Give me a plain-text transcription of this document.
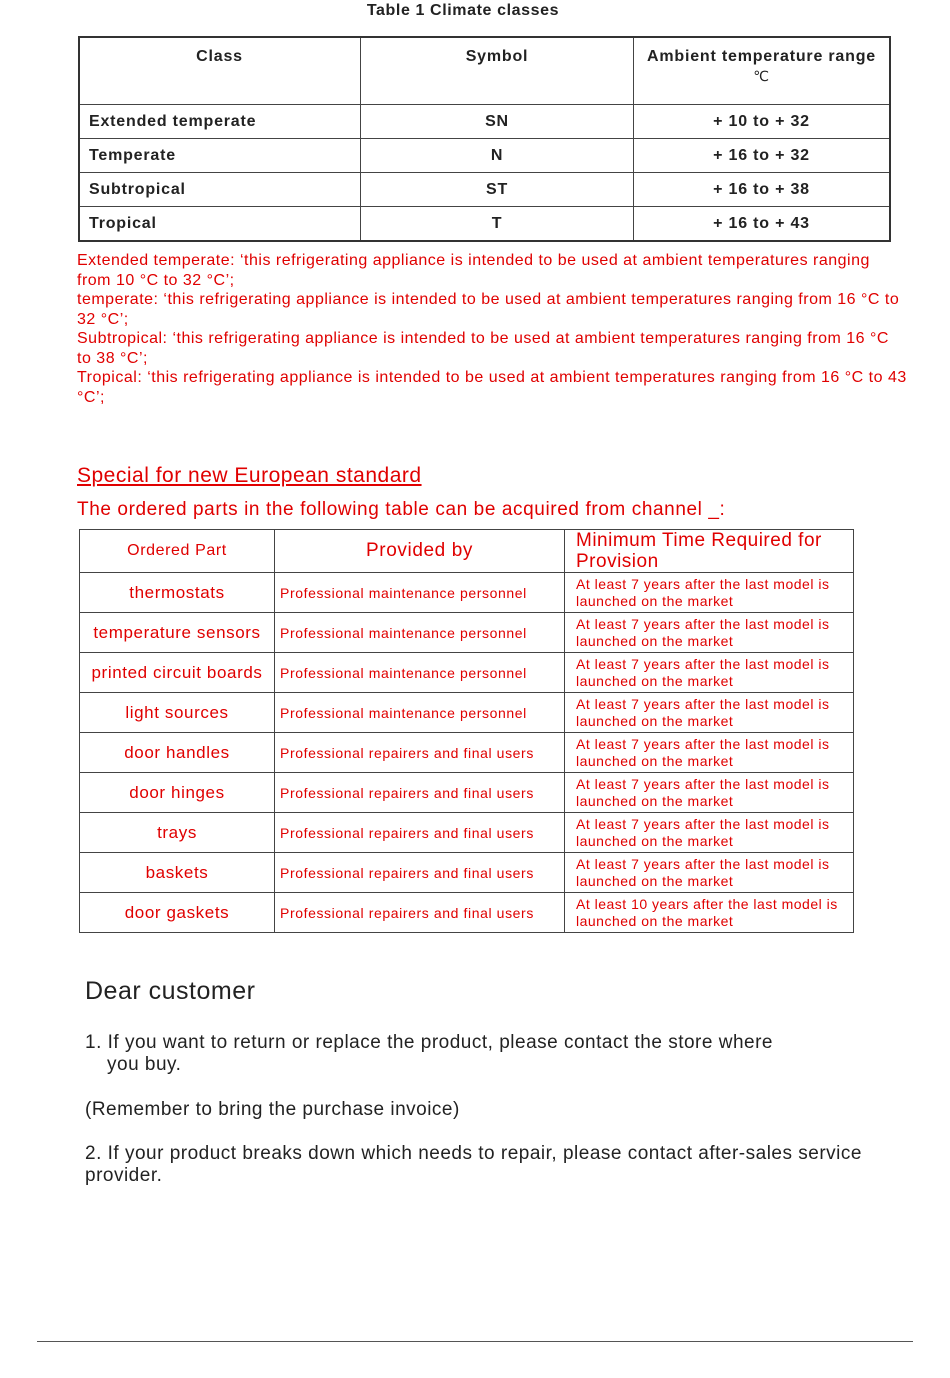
Table 1 Climate classes
Class	Symbol	Ambient temperature range
℃

Extended temperate	SN	+ 10 to + 32
Temperate	N	+ 16 to + 32
Subtropical	ST	+ 16 to + 38
Tropical	T	+ 16 to + 43

Extended temperate: ‘this refrigerating appliance is intended to be used at ambient temperatures ranging from 10 °C to 32 °C’;

temperate: ‘this refrigerating appliance is intended to be used at ambient temperatures ranging from 16 °C to 32 °C’;

Subtropical: ‘this refrigerating appliance is intended to be used at ambient temperatures ranging from 16 °C to 38 °C’;

Tropical: ‘this refrigerating appliance is intended to be used at ambient temperatures ranging from 16 °C to 43 °C’;

Special for new European standard
The ordered parts in the following table can be acquired from channel _:
Ordered Part	Provided by	Minimum Time Required for Provision
thermostats	Professional maintenance personnel	At least 7 years after the last model is launched on the market
temperature sensors	Professional maintenance personnel	At least 7 years after the last model is launched on the market
printed circuit boards	Professional maintenance personnel	At least 7 years after the last model is launched on the market
light sources	Professional maintenance personnel	At least 7 years after the last model is launched on the market
door handles	Professional repairers and final users	At least 7 years after the last model is launched on the market
door hinges	Professional repairers and final users	At least 7 years after the last model is launched on the market
trays	Professional repairers and final users	At least 7 years after the last model is launched on the market
baskets	Professional repairers and final users	At least 7 years after the last model is launched on the market
door gaskets	Professional repairers and final users	At least 10 years after the last model is launched on the market
Dear customer

1. If you want to return or replace the product, please contact the store where

you buy.

(Remember to bring the purchase invoice)
2. If your product breaks down which needs to repair, please contact after-sales service provider.
